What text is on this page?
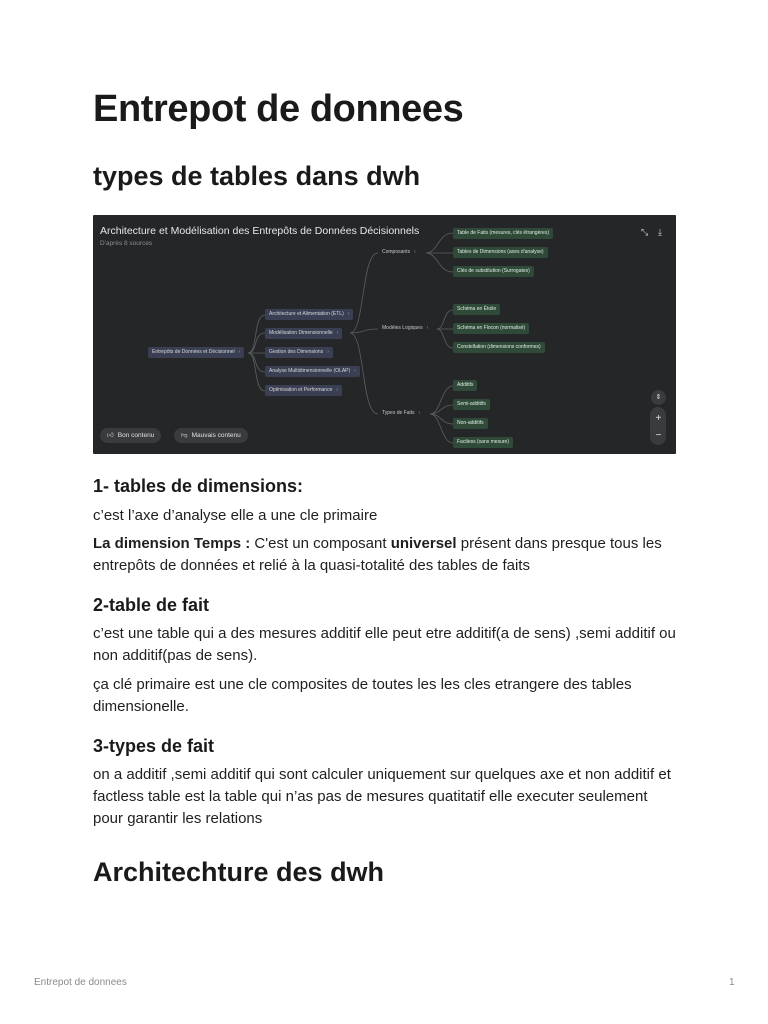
Entrepot de donnees
types de tables dans dwh
Architecture et Modélisation des Entrepôts de Données Décisionnels
D'après 8 sources
⤡ ⤓
Entrepôts de Données et Décisionnel ‹
Architecture et Alimentation (ETL) ›
Modélisation Dimensionnelle ‹
Gestion des Dimensions ›
Analyse Multidimensionnelle (OLAP) ›
Optimisation et Performance ›
Composants ‹
Modèles Logiques ‹
Types de Faits ‹
Table de Faits (mesures, clés étrangères)
Tables de Dimensions (axes d'analyse)
Clés de substitution (Surrogates)
Schéma en Étoile
Schéma en Flocon (normalisé)
Constellation (dimensions conformes)
Additifs
Semi-additifs
Non-additifs
Factless (sans mesure)
⇕
+
−
👍︎ Bon contenu	👎︎ Mauvais contenu
1- tables de dimensions:

c’est l’axe d’analyse elle a une cle primaire

La dimension Temps : C'est un composant universel présent dans presque tous les entrepôts de données et relié à la quasi-totalité des tables de faits

2-table de fait

c’est une table qui a des mesures additif elle peut etre additif(a de sens) ,semi additif ou non additif(pas de sens).

ça clé primaire est une cle composites de toutes les les cles etrangere des tables dimensionelle.

3-types de fait

on a additif ,semi additif qui sont calculer uniquement sur quelques axe et non additif et factless table est la table qui n’as pas de mesures quatitatif elle executer seulement pour garantir les relations

Architechture des dwh
Entrepot de donnees	1
